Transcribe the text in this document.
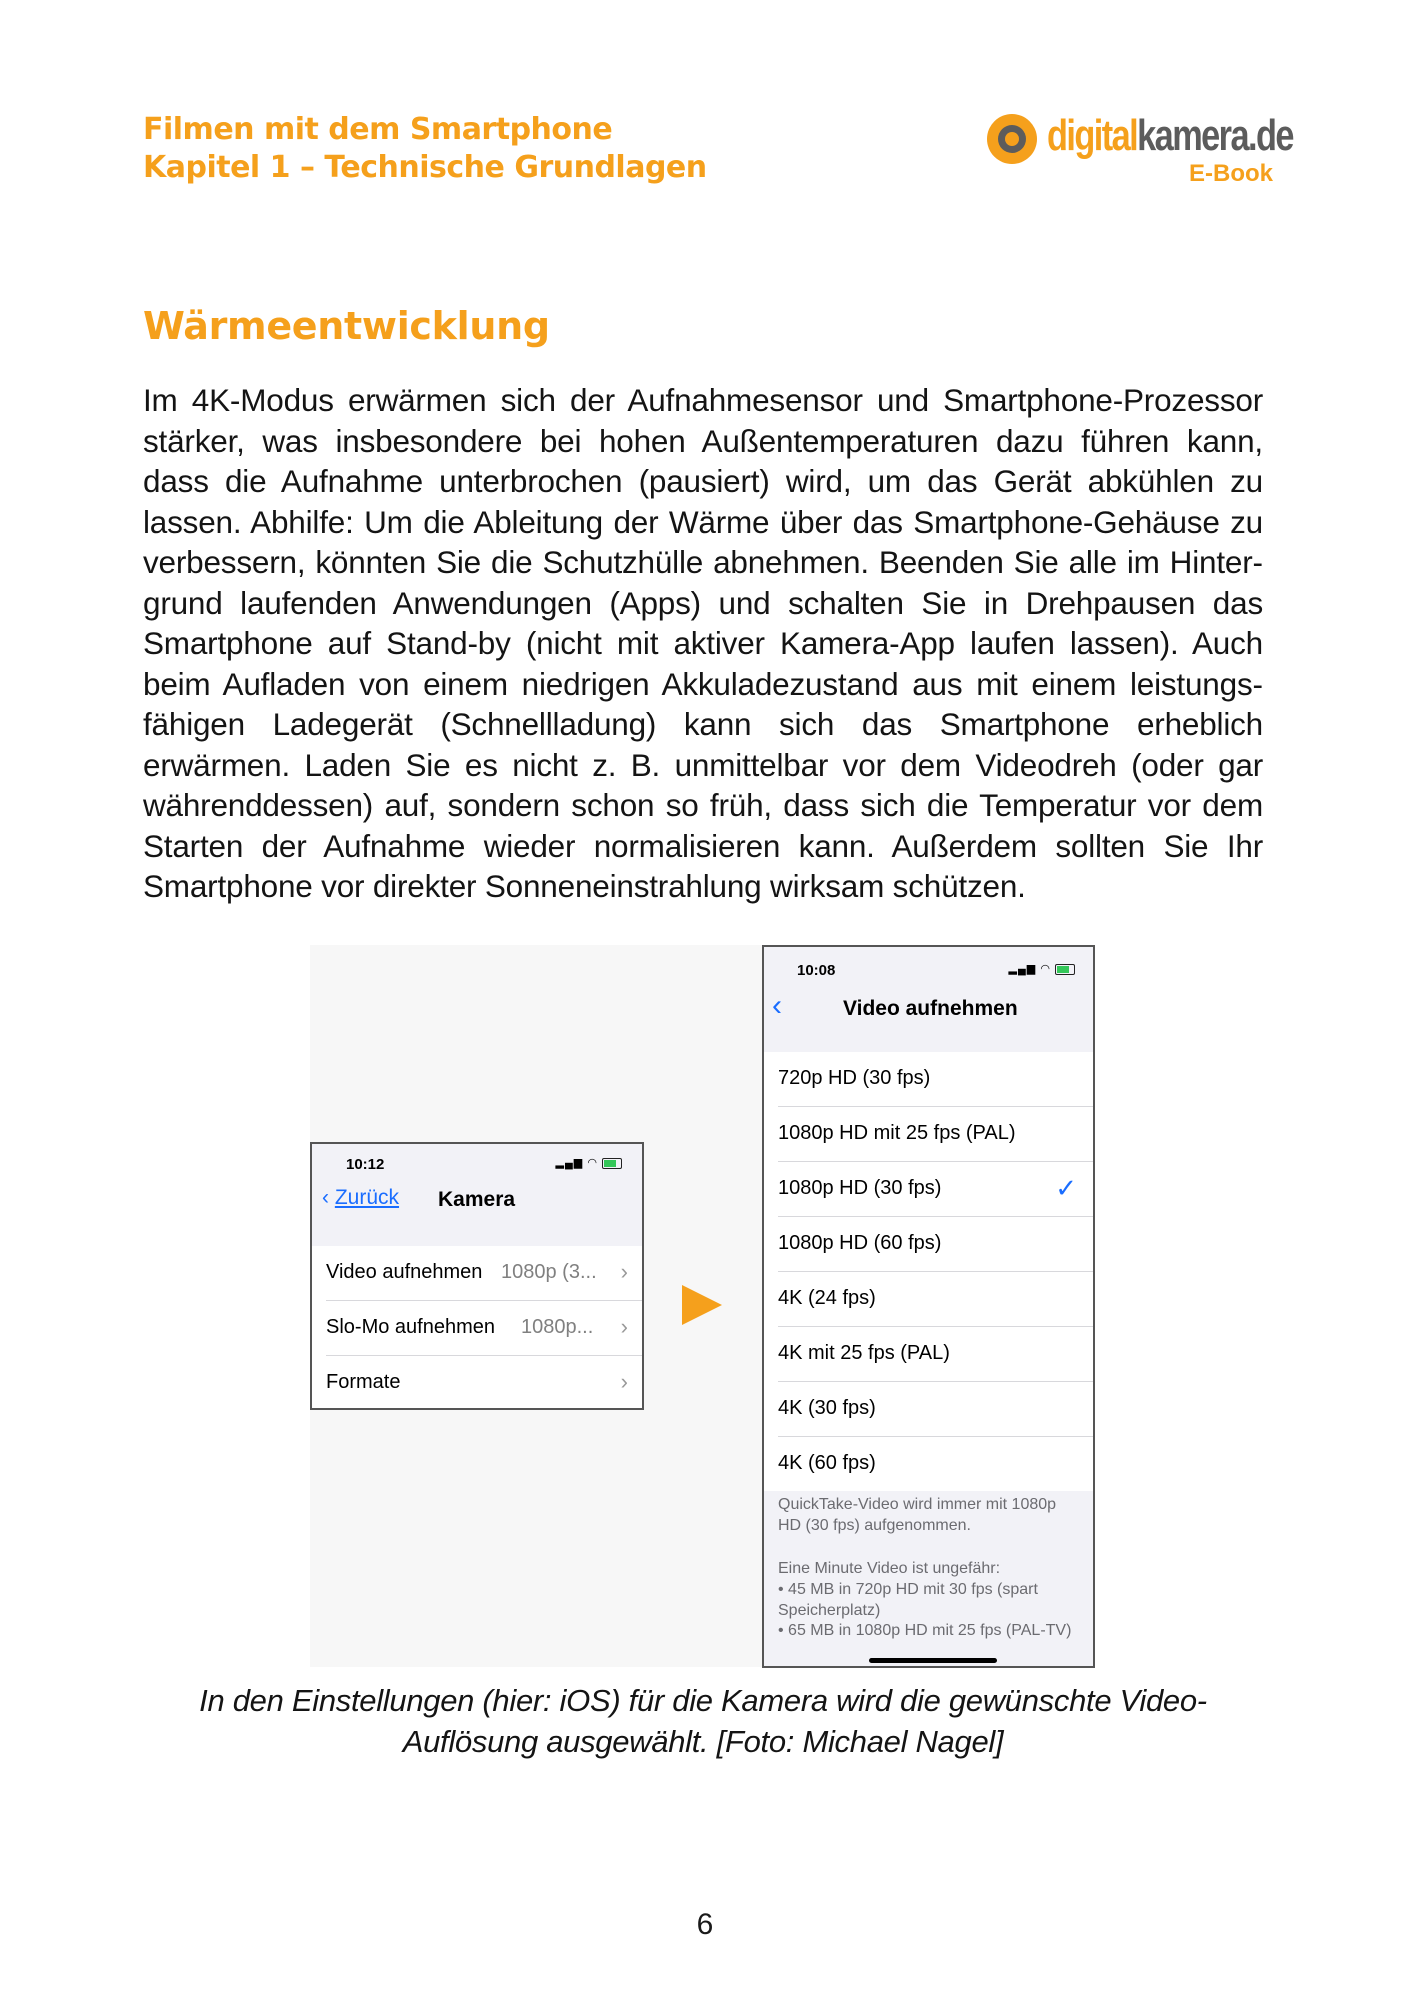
Filmen mit dem Smartphone
Kapitel 1 – Technische Grundlagen
digitalkamera.de
E-Book
Wärmeentwicklung
Im 4K-Modus erwärmen sich der Aufnahmesensor und Smartphone-Prozessor stärker, was insbesondere bei hohen Außentemperaturen dazu führen kann, dass die Aufnahme unterbrochen (pausiert) wird, um das Gerät abkühlen zu lassen. Abhilfe: Um die Ableitung der Wärme über das Smartphone-Gehäuse zu verbessern, könnten Sie die Schutzhülle abnehmen. Beenden Sie alle im Hintergrund laufenden Anwendungen (Apps) und schalten Sie in Drehpausen das Smartphone auf Stand-by (nicht mit aktiver Kamera-App laufen lassen). Auch beim Aufladen von einem niedrigen Akkuladezustand aus mit einem leistungsfähigen Ladegerät (Schnellladung) kann sich das Smartphone erheblich erwärmen. Laden Sie es nicht z. B. unmittelbar vor dem Videodreh (oder gar währenddessen) auf, sondern schon so früh, dass sich die Temperatur vor dem Starten der Aufnahme wieder normalisieren kann. Außerdem sollten Sie Ihr Smartphone vor direkter Sonneneinstrahlung wirksam schützen.
10:12	▂▄▆ ◠
‹ Zurück Kamera
Video aufnehmen 1080p (3... ›
Slo-Mo aufnehmen 1080p... ›
Formate	›
10:08	▂▄▆ ◠
‹	Video aufnehmen
720p HD (30 fps)
1080p HD mit 25 fps (PAL)
1080p HD (30 fps)	✓
1080p HD (60 fps)
4K (24 fps)
4K mit 25 fps (PAL)
4K (30 fps)
4K (60 fps)
QuickTake-Video wird immer mit 1080p HD (30 fps) aufgenommen.
Eine Minute Video ist ungefähr:
• 45 MB in 720p HD mit 30 fps (spart Speicherplatz)
• 65 MB in 1080p HD mit 25 fps (PAL-TV)
In den Einstellungen (hier: iOS) für die Kamera wird die gewünschte Video-Auflösung ausgewählt. [Foto: Michael Nagel]
6
